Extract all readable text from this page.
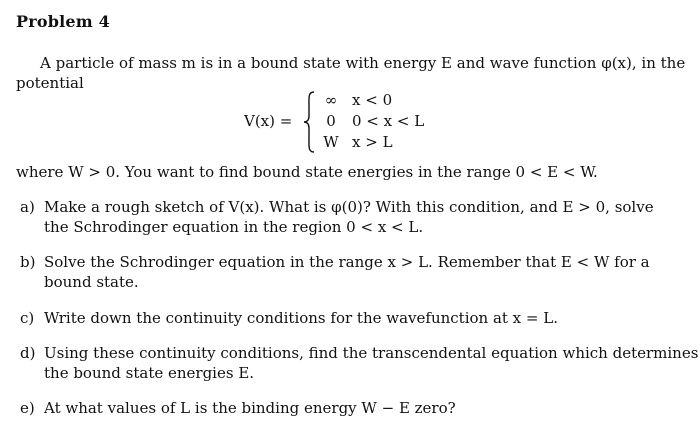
Problem 4
A particle of mass m is in a bound state with energy E and wave function φ(x), in the
potential
V(x) =
∞ x < 0
0	0 < x < L
W x > L
where W > 0. You want to find bound state energies in the range 0 < E < W.
a) Make a rough sketch of V(x). What is φ(0)? With this condition, and E > 0, solve
the Schrodinger equation in the region 0 < x < L.
b) Solve the Schrodinger equation in the range x > L. Remember that E < W for a
bound state.
c) Write down the continuity conditions for the wavefunction at x = L.
d) Using these continuity conditions, find the transcendental equation which determines
the bound state energies E.
e) At what values of L is the binding energy W − E zero?
